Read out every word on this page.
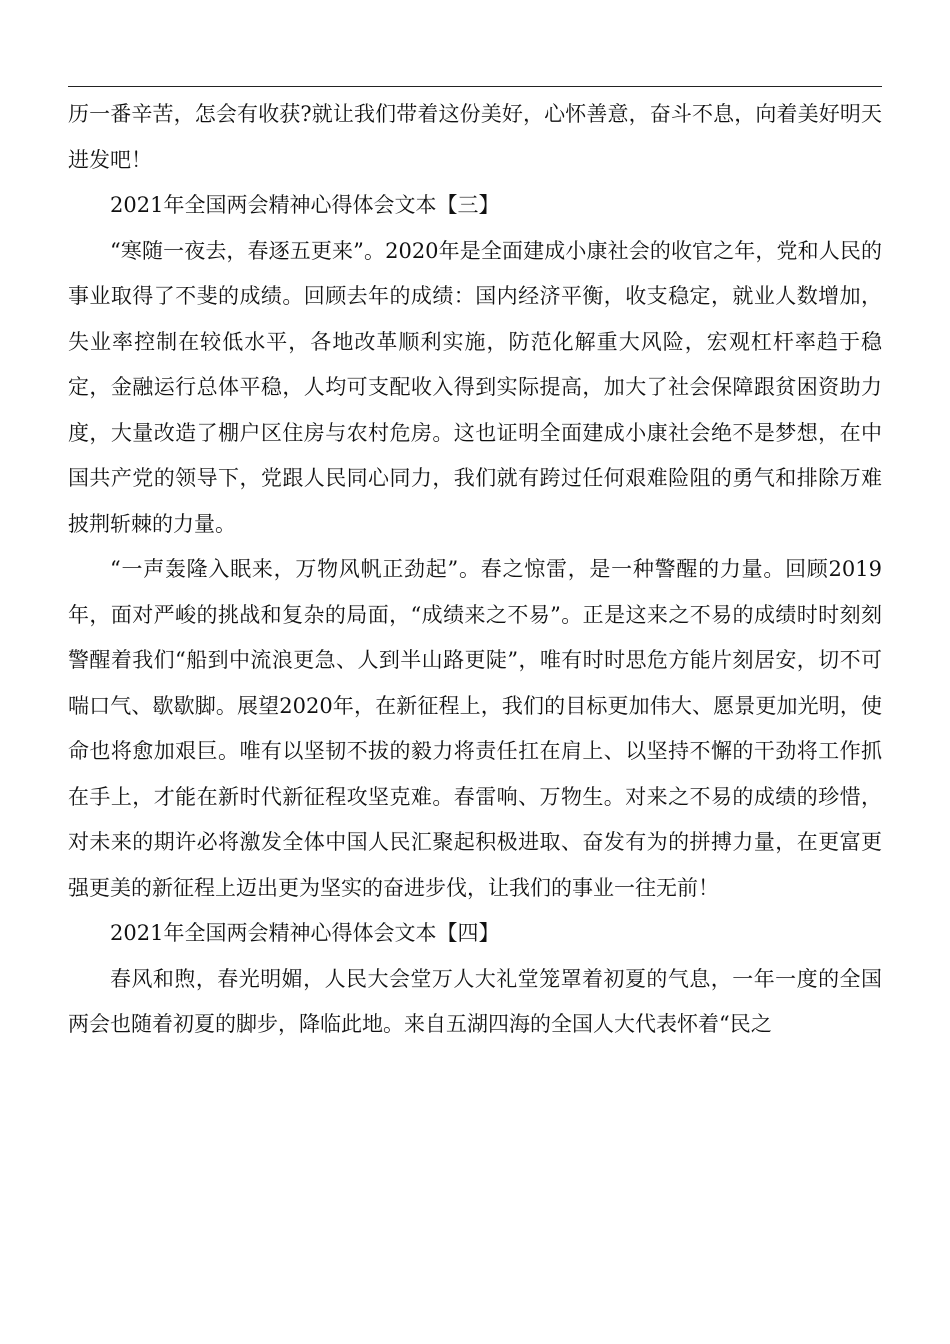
历一番辛苦，怎会有收获?就让我们带着这份美好，心怀善意，奋斗不息，向着美好明天进发吧！

2021年全国两会精神心得体会文本【三】

“寒随一夜去，春逐五更来”。2020年是全面建成小康社会的收官之年，党和人民的事业取得了不斐的成绩。回顾去年的成绩：国内经济平衡，收支稳定，就业人数增加，失业率控制在较低水平，各地改革顺利实施，防范化解重大风险，宏观杠杆率趋于稳定，金融运行总体平稳，人均可支配收入得到实际提高，加大了社会保障跟贫困资助力度，大量改造了棚户区住房与农村危房。这也证明全面建成小康社会绝不是梦想，在中国共产党的领导下，党跟人民同心同力，我们就有跨过任何艰难险阻的勇气和排除万难披荆斩棘的力量。

“一声轰隆入眠来，万物风帆正劲起”。春之惊雷，是一种警醒的力量。回顾2019年，面对严峻的挑战和复杂的局面，“成绩来之不易”。正是这来之不易的成绩时时刻刻警醒着我们“船到中流浪更急、人到半山路更陡”，唯有时时思危方能片刻居安，切不可喘口气、歇歇脚。展望2020年，在新征程上，我们的目标更加伟大、愿景更加光明，使命也将愈加艰巨。唯有以坚韧不拔的毅力将责任扛在肩上、以坚持不懈的干劲将工作抓在手上，才能在新时代新征程攻坚克难。春雷响、万物生。对来之不易的成绩的珍惜，对未来的期许必将激发全体中国人民汇聚起积极进取、奋发有为的拼搏力量，在更富更强更美的新征程上迈出更为坚实的奋进步伐，让我们的事业一往无前！

2021年全国两会精神心得体会文本【四】

春风和煦，春光明媚，人民大会堂万人大礼堂笼罩着初夏的气息，一年一度的全国两会也随着初夏的脚步，降临此地。来自五湖四海的全国人大代表怀着“民之
